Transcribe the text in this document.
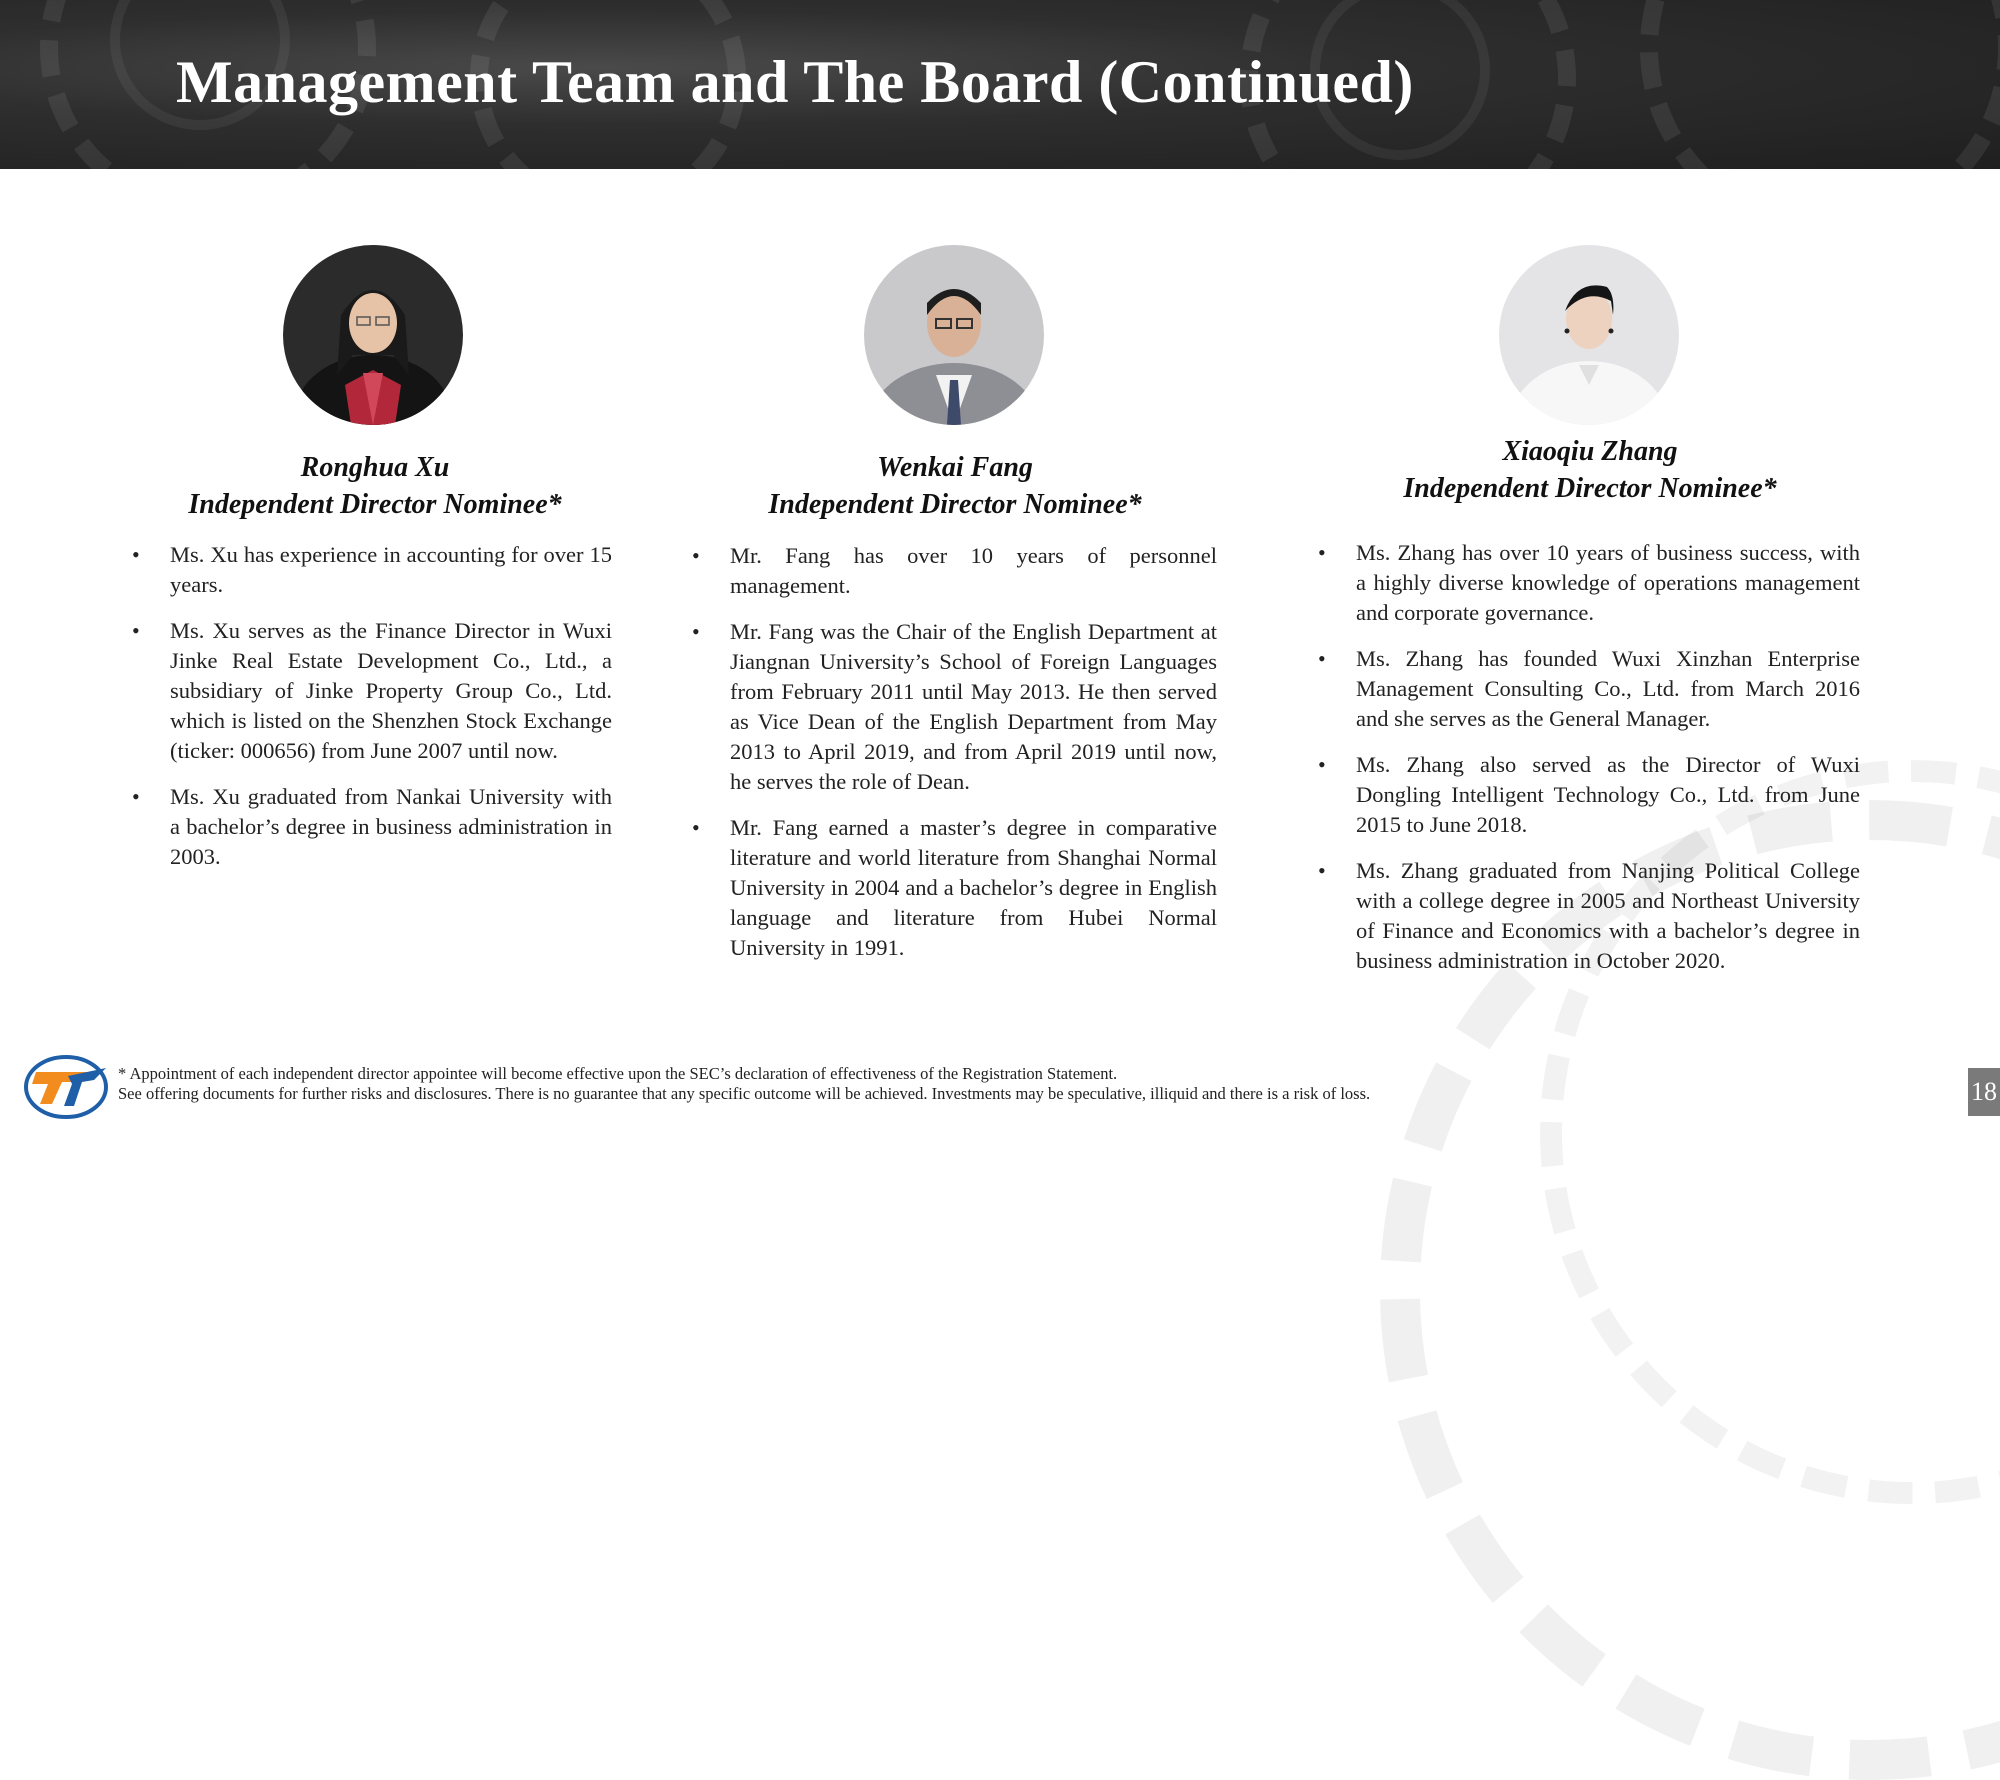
Management Team and The Board (Continued)
Ronghua Xu
Independent Director Nominee*
• Ms. Xu has experience in accounting for over 15 years.
• Ms. Xu serves as the Finance Director in Wuxi Jinke Real Estate Development Co., Ltd., a subsidiary of Jinke Property Group Co., Ltd. which is listed on the Shenzhen Stock Exchange (ticker: 000656) from June 2007 until now.
• Ms. Xu graduated from Nankai University with a bachelor’s degree in business administration in 2003.
Wenkai Fang
Independent Director Nominee*
• Mr. Fang has over 10 years of personnel management.
• Mr. Fang was the Chair of the English Department at Jiangnan University’s School of Foreign Languages from February 2011 until May 2013. He then served as Vice Dean of the English Department from May 2013 to April 2019, and from April 2019 until now, he serves the role of Dean.
• Mr. Fang earned a master’s degree in comparative literature and world literature from Shanghai Normal University in 2004 and a bachelor’s degree in English language and literature from Hubei Normal University in 1991.
Xiaoqiu Zhang
Independent Director Nominee*
• Ms. Zhang has over 10 years of business success, with a highly diverse knowledge of operations management and corporate governance.
• Ms. Zhang has founded Wuxi Xinzhan Enterprise Management Consulting Co., Ltd. from March 2016 and she serves as the General Manager.
• Ms. Zhang also served as the Director of Wuxi Dongling Intelligent Technology Co., Ltd. from June 2015 to June 2018.
• Ms. Zhang graduated from Nanjing Political College with a college degree in 2005 and Northeast University of Finance and Economics with a bachelor’s degree in business administration in October 2020.
* Appointment of each independent director appointee will become effective upon the SEC’s declaration of effectiveness of the Registration Statement.
See offering documents for further risks and disclosures. There is no guarantee that any specific outcome will be achieved. Investments may be speculative, illiquid and there is a risk of loss.	18
